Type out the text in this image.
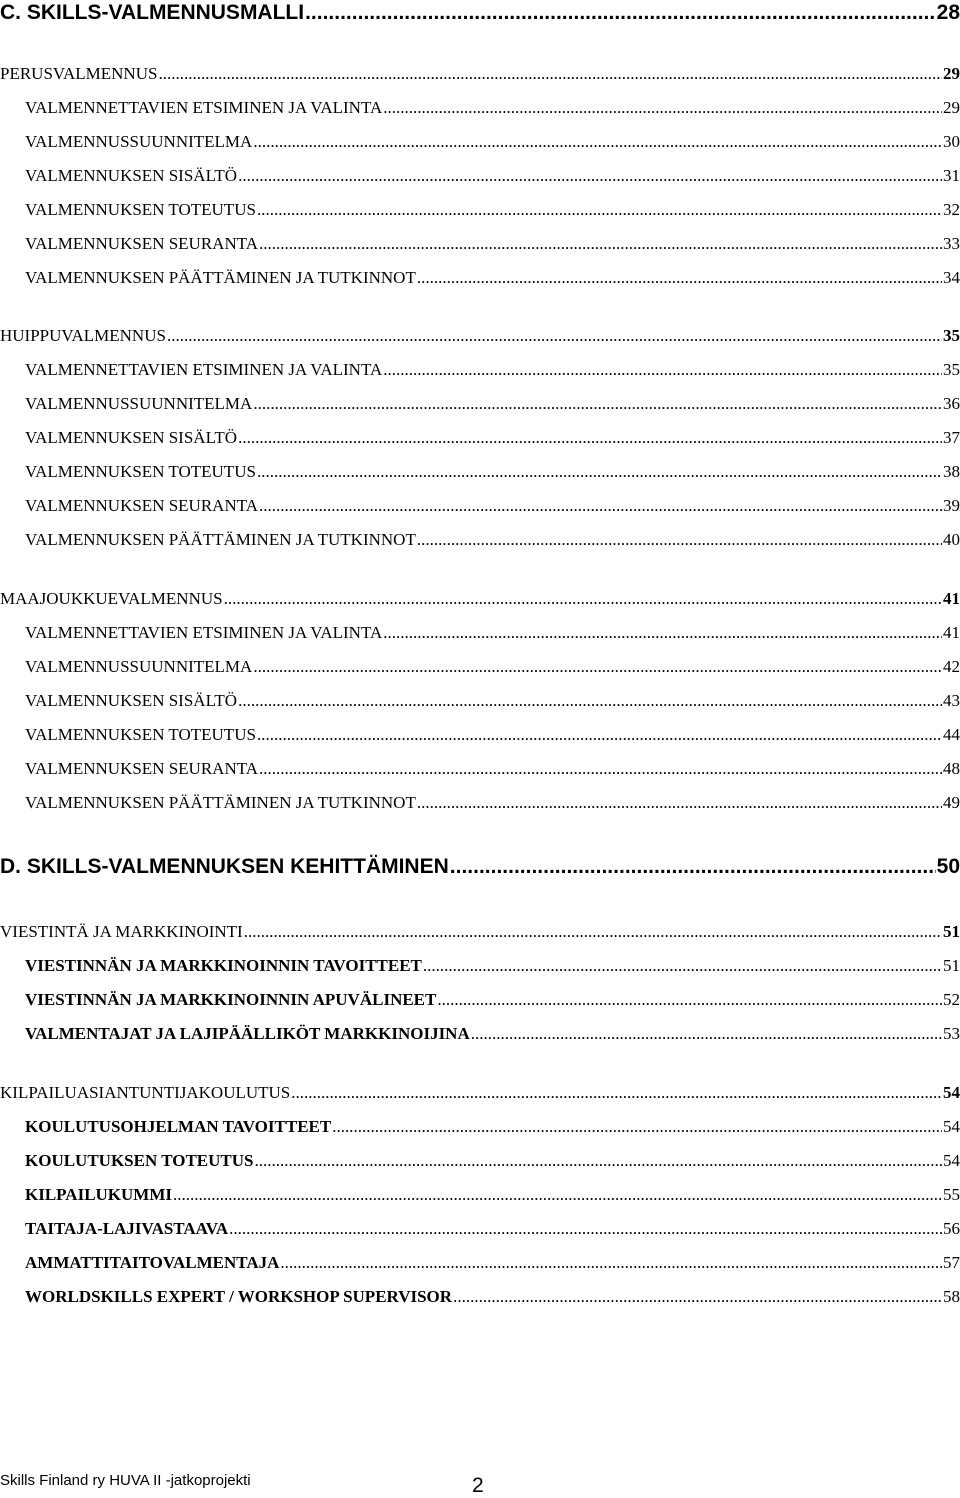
C. SKILLS-VALMENNUSMALLI .....	28
PERUSVALMENNUS .....	29
VALMENNETTAVIEN ETSIMINEN JA VALINTA .....	29
VALMENNUSSUUNNITELMA .....	30
VALMENNUKSEN SISÄLTÖ .....	31
VALMENNUKSEN TOTEUTUS .....	32
VALMENNUKSEN SEURANTA .....	33
VALMENNUKSEN PÄÄTTÄMINEN JA TUTKINNOT .....	34
HUIPPUVALMENNUS .....	35
VALMENNETTAVIEN ETSIMINEN JA VALINTA .....	35
VALMENNUSSUUNNITELMA .....	36
VALMENNUKSEN SISÄLTÖ .....	37
VALMENNUKSEN TOTEUTUS .....	38
VALMENNUKSEN SEURANTA .....	39
VALMENNUKSEN PÄÄTTÄMINEN JA TUTKINNOT .....	40
MAAJOUKKUEVALMENNUS .....	41
VALMENNETTAVIEN ETSIMINEN JA VALINTA .....	41
VALMENNUSSUUNNITELMA .....	42
VALMENNUKSEN SISÄLTÖ .....	43
VALMENNUKSEN TOTEUTUS .....	44
VALMENNUKSEN SEURANTA .....	48
VALMENNUKSEN PÄÄTTÄMINEN JA TUTKINNOT .....	49
D. SKILLS-VALMENNUKSEN KEHITTÄMINEN .....	50
VIESTINTÄ JA MARKKINOINTI .....	51
VIESTINNÄN JA MARKKINOINNIN TAVOITTEET .....	51
VIESTINNÄN JA MARKKINOINNIN APUVÄLINEET .....	52
VALMENTAJAT JA LAJIPÄÄLLIKÖT MARKKINOIJINA .....	53
KILPAILUASIANTUNTIJAKOULUTUS .....	54
KOULUTUSOHJELMAN TAVOITTEET .....	54
KOULUTUKSEN TOTEUTUS .....	54
KILPAILUKUMMI .....	55
TAITAJA-LAJIVASTAAVA .....	56
AMMATTITAITOVALMENTAJA .....	57
WORLDSKILLS EXPERT / WORKSHOP SUPERVISOR .....	58
Skills Finland ry HUVA II -jatkoprojekti	2
